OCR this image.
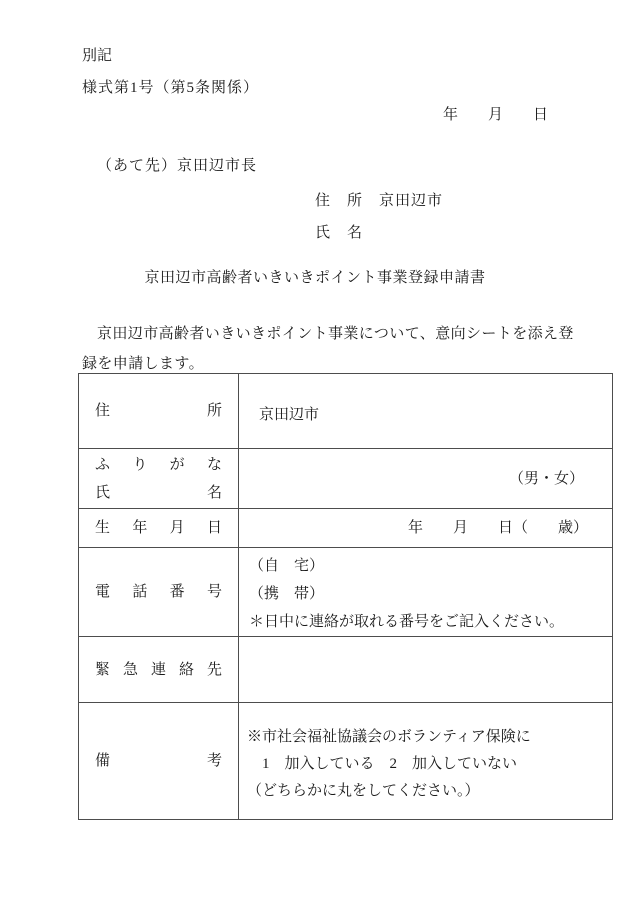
別記
様式第1号（第5条関係）
年　　月　　日
（あて先）京田辺市長
住　所　京田辺市
氏　名
京田辺市高齢者いきいきポイント事業登録申請書
京田辺市高齢者いきいきポイント事業について、意向シートを添え登
録を申請します。
住所	京田辺市

ふりがな
氏名	（男・女）

生年月日	年　　月　　日（　　歳）

電話番号	（自　宅）
（携　帯）
＊日中に連絡が取れる番号をご記入ください。

緊急連絡先	

備考	※市社会福祉協議会のボランティア保険に
　1　加入している　2　加入していない
（どちらかに丸をしてください。）
